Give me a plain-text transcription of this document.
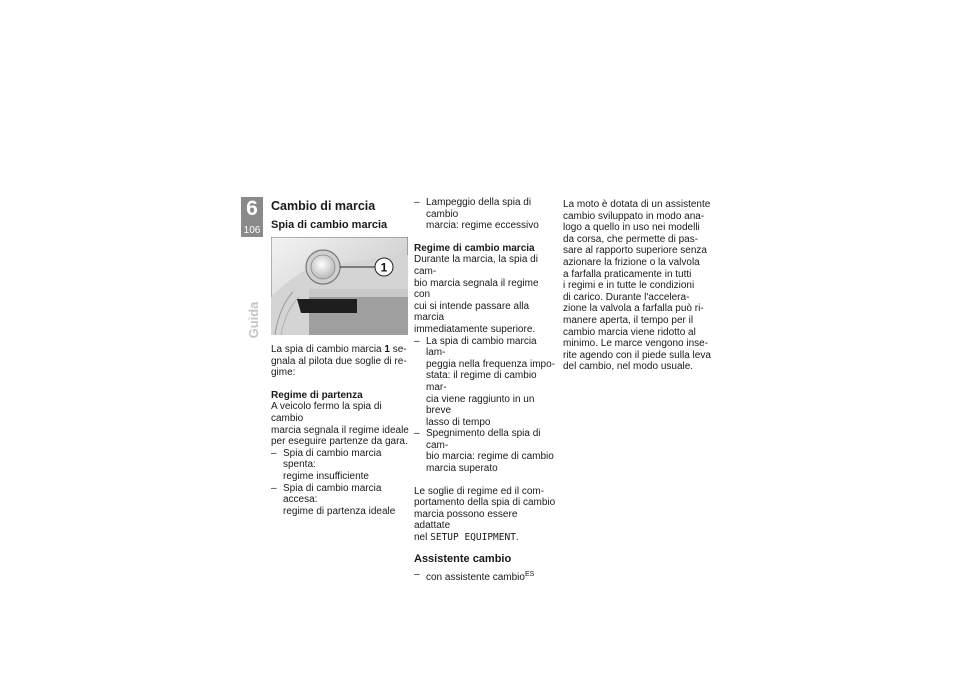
6
106
Guida
Cambio di marcia
Spia di cambio marcia
1

La spia di cambio marcia 1 se-
gnala al pilota due soglie di re-
gime:

Regime di partenza

A veicolo fermo la spia di cambio
marcia segnala il regime ideale
per eseguire partenze da gara.

– Spia di cambio marcia spenta:
regime insufficiente
– Spia di cambio marcia accesa:
regime di partenza ideale
– Lampeggio della spia di cambio
marcia: regime eccessivo
Regime di cambio marcia

Durante la marcia, la spia di cam-
bio marcia segnala il regime con
cui si intende passare alla marcia
immediatamente superiore.

– La spia di cambio marcia lam-
peggia nella frequenza impo-
stata: il regime di cambio mar-
cia viene raggiunto in un breve
lasso di tempo
– Spegnimento della spia di cam-
bio marcia: regime di cambio
marcia superato

Le soglie di regime ed il com-
portamento della spia di cambio
marcia possono essere adattate
nel SETUP EQUIPMENT.

Assistente cambio
– con assistente cambio$^{ES}$

La moto è dotata di un assistente
cambio sviluppato in modo ana-
logo a quello in uso nei modelli
da corsa, che permette di pas-
sare al rapporto superiore senza
azionare la frizione o la valvola
a farfalla praticamente in tutti
i regimi e in tutte le condizioni
di carico. Durante l'accelera-
zione la valvola a farfalla può ri-
manere aperta, il tempo per il
cambio marcia viene ridotto al
minimo. Le marce vengono inse-
rite agendo con il piede sulla leva
del cambio, nel modo usuale.
